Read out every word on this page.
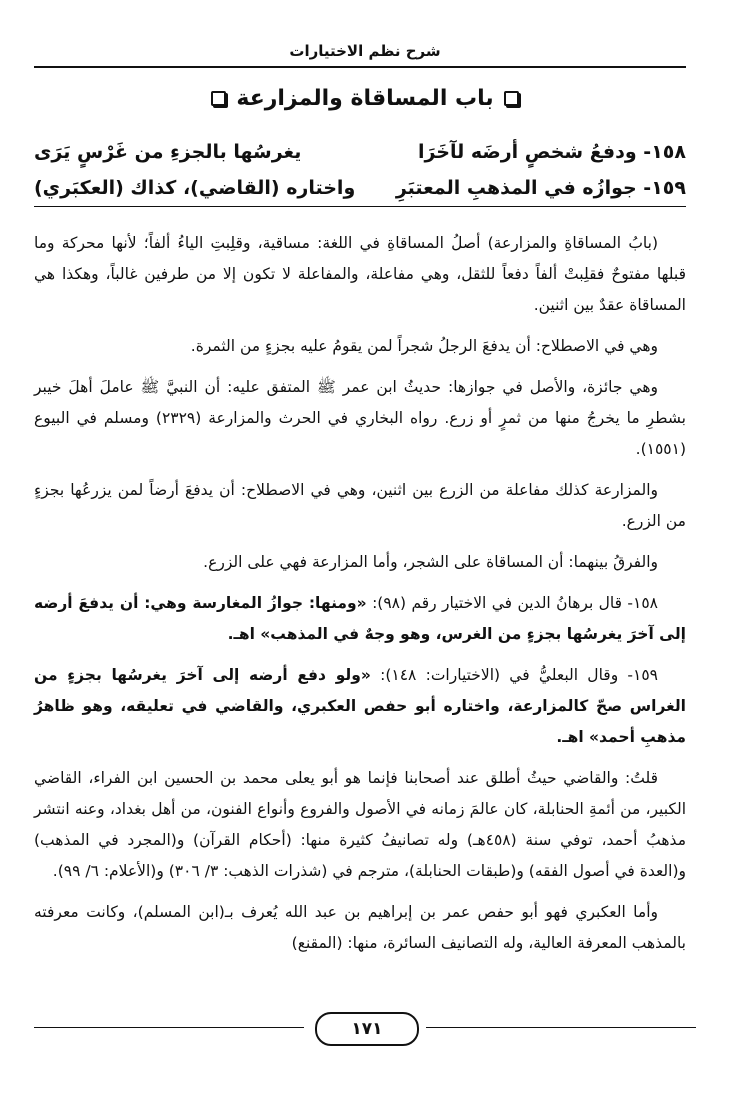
شرح نظم الاختيارات
باب المساقاة والمزارعة
١٥٨- ودفعُ شخصٍ أرضَه لآخَرَا
يغرسُها بالجزءِ من غَرْسٍ يَرَى
١٥٩- جوازُه في المذهبِ المعتبَرِ
واختاره (القاضي)، كذاك (العكبَري)

(بابُ المساقاةِ والمزارعة) أصلُ المساقاةِ في اللغة: مساقية، وقلِبتِ الياءُ ألفاً؛ لأنها محركة وما قبلها مفتوحٌ فقلِبتْ ألفاً دفعاً للثقل، وهي مفاعلة، والمفاعلة لا تكون إلا من طرفين غالباً، وهكذا هي المساقاة عقدٌ بين اثنين.

وهي في الاصطلاح: أن يدفعَ الرجلُ شجراً لمن يقومُ عليه بجزءٍ من الثمرة.

وهي جائزة، والأصل في جوازها: حديثُ ابن عمر ﷺ المتفق عليه: أن النبيَّ ﷺ عاملَ أهلَ خيبر بشطرِ ما يخرجُ منها من ثمرٍ أو زرع. رواه البخاري في الحرث والمزارعة (٢٣٢٩) ومسلم في البيوع (١٥٥١).

والمزارعة كذلك مفاعلة من الزرع بين اثنين، وهي في الاصطلاح: أن يدفعَ أرضاً لمن يزرعُها بجزءٍ من الزرع.

والفرقُ بينهما: أن المساقاة على الشجر، وأما المزارعة فهي على الزرع.

١٥٨- قال برهانُ الدين في الاختيار رقم (٩٨): «ومنها: جوازُ المغارسة وهي: أن يدفعَ أرضه إلى آخرَ يغرسُها بجزءٍ من الغرس، وهو وجهٌ في المذهب» اهـ.

١٥٩- وقال البعليُّ في (الاختيارات: ١٤٨): «ولو دفع أرضه إلى آخرَ يغرسُها بجزءٍ من الغراس صحّ كالمزارعة، واختاره أبو حفص العكبري، والقاضي في تعليقه، وهو ظاهرُ مذهبِ أحمد» اهـ.

قلتُ: والقاضي حيثُ أطلق عند أصحابنا فإنما هو أبو يعلى محمد بن الحسين ابن الفراء، القاضي الكبير، من أئمةِ الحنابلة، كان عالمَ زمانه في الأصول والفروع وأنواع الفنون، من أهل بغداد، وعنه انتشر مذهبُ أحمد، توفي سنة (٤٥٨هـ) وله تصانيفُ كثيرة منها: (أحكام القرآن) و(المجرد في المذهب) و(العدة في أصول الفقه) و(طبقات الحنابلة)، مترجم في (شذرات الذهب: ٣/ ٣٠٦) و(الأعلام: ٦/ ٩٩).

وأما العكبري فهو أبو حفص عمر بن إبراهيم بن عبد الله يُعرف بـ(ابن المسلم)، وكانت معرفته بالمذهب المعرفة العالية، وله التصانيف السائرة، منها: (المقنع)

١٧١
